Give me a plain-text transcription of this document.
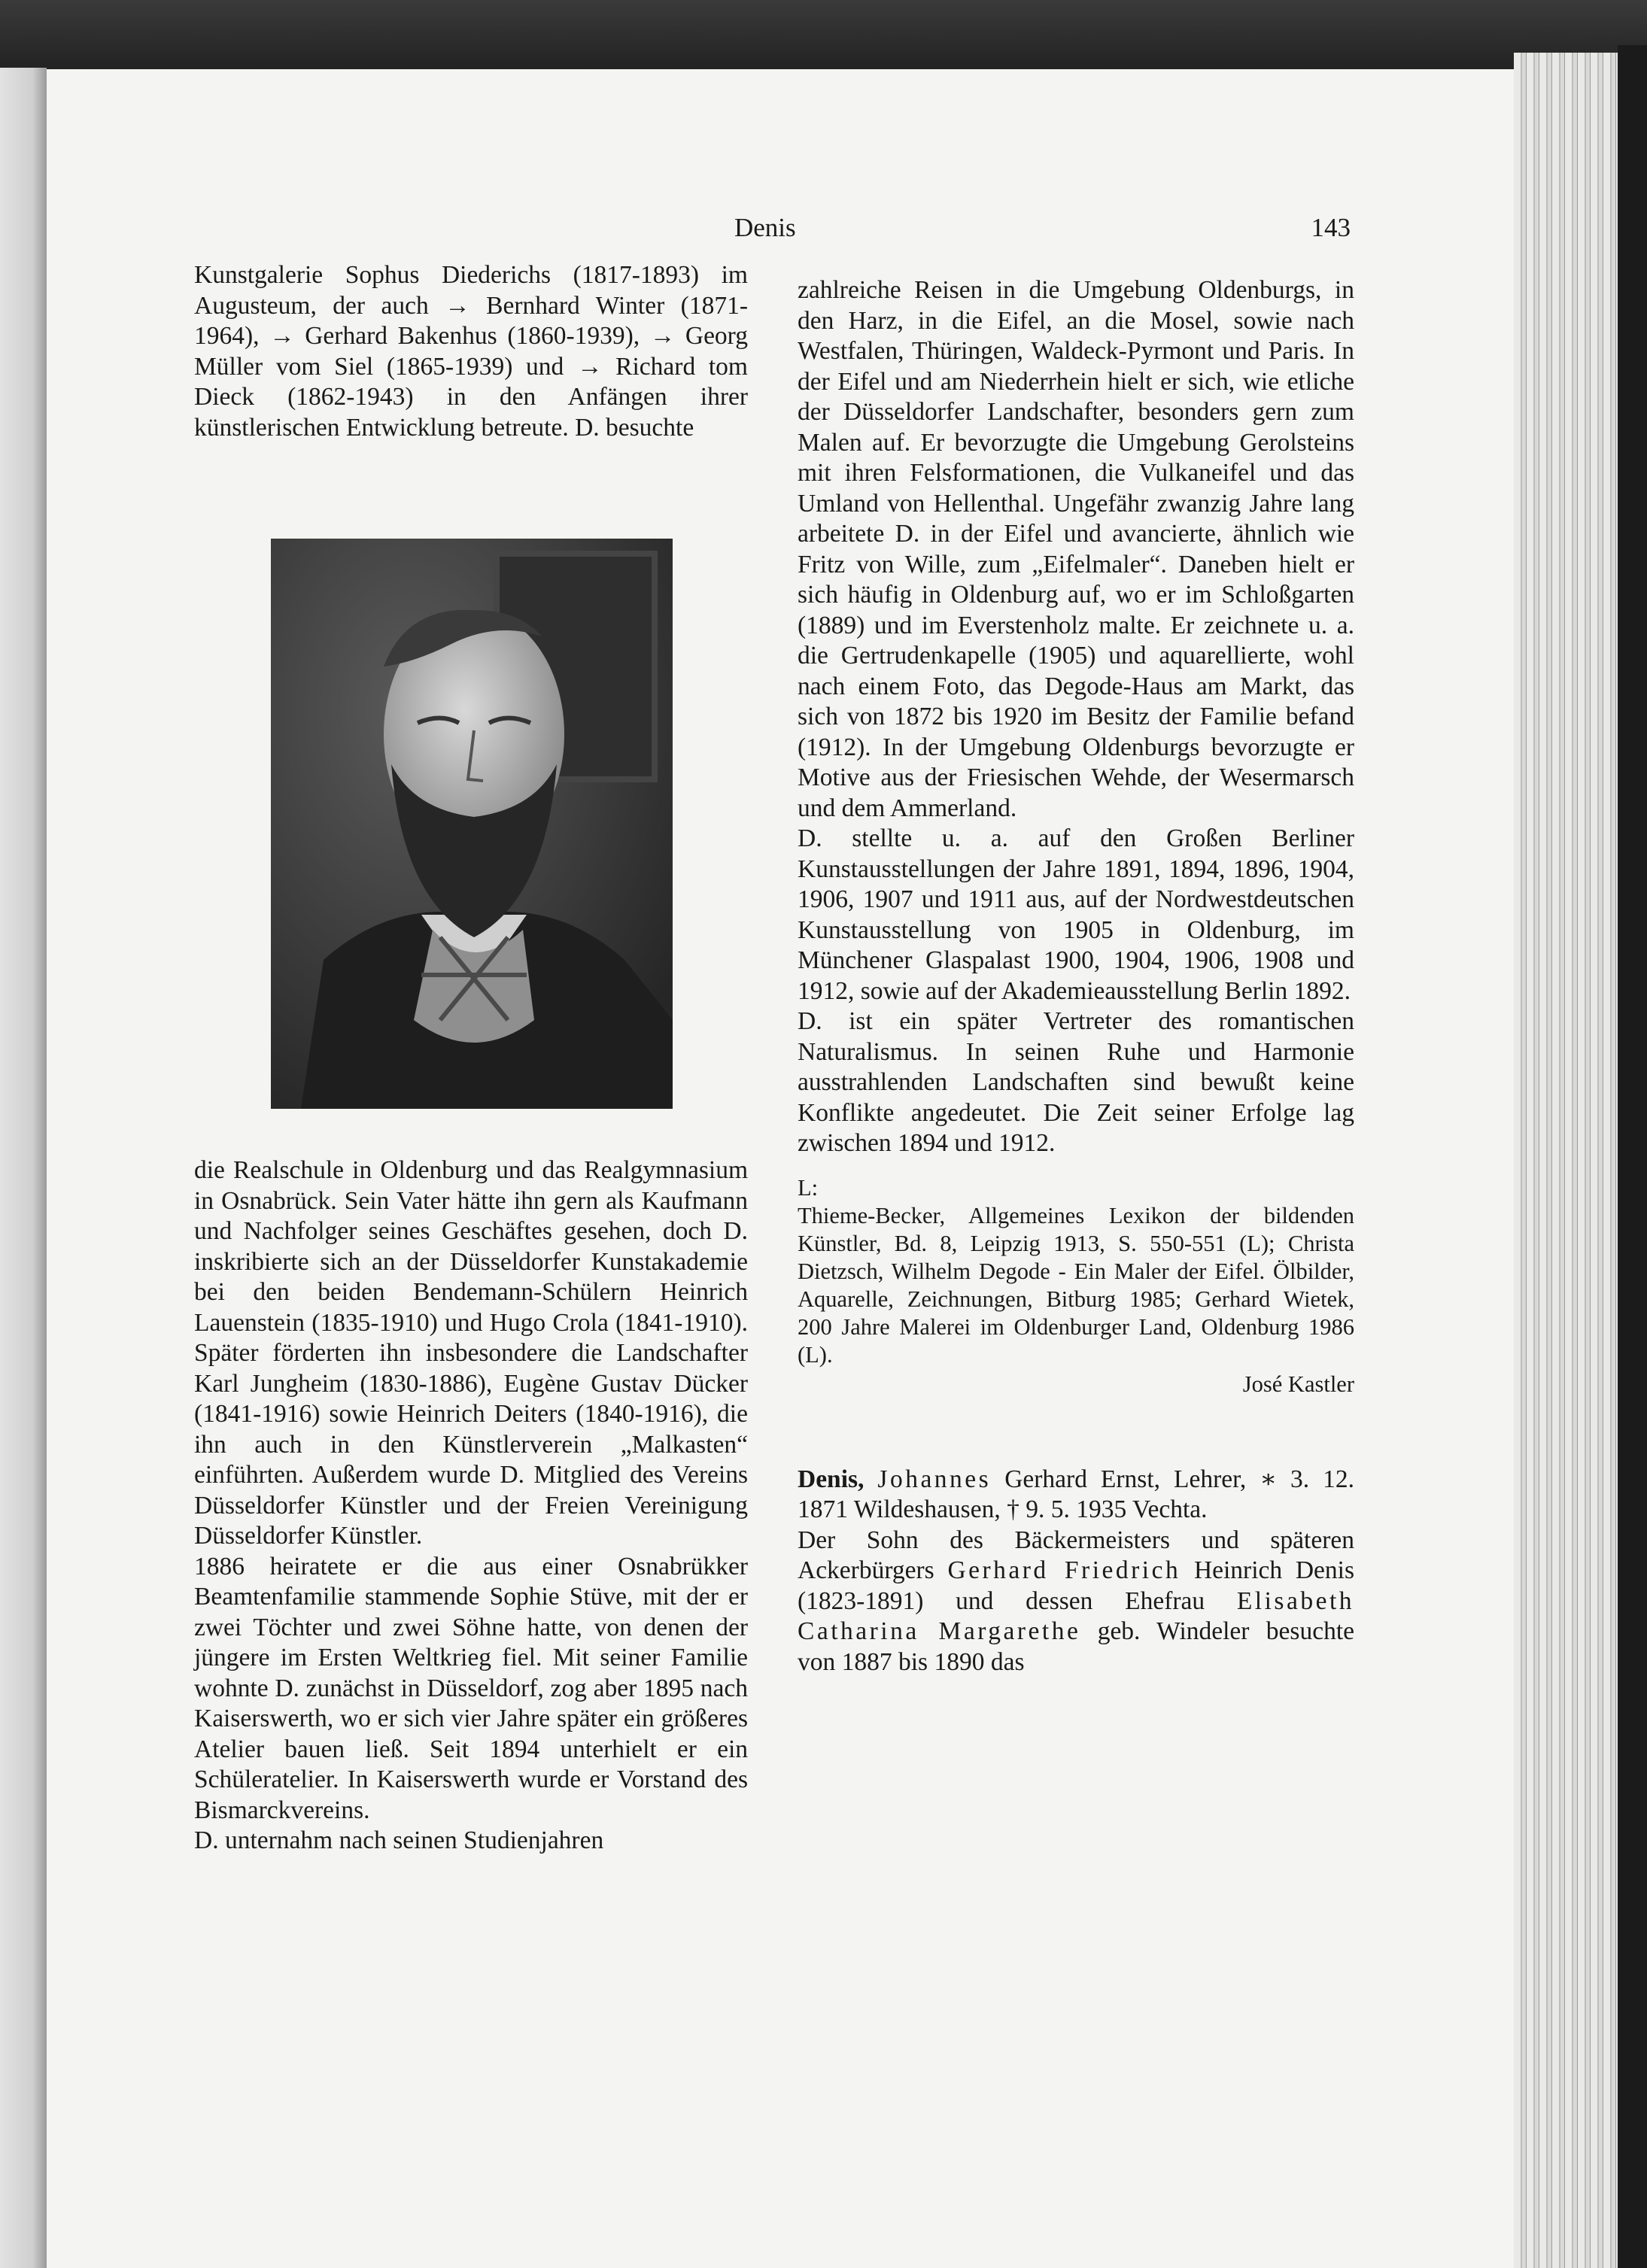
Denis	143

Kunstgalerie Sophus Diederichs (1817-1893) im Augusteum, der auch → Bernhard Winter (1871-1964), → Gerhard Bakenhus (1860-1939), → Georg Müller vom Siel (1865-1939) und → Richard tom Dieck (1862-1943) in den Anfängen ihrer künstlerischen Entwicklung betreute. D. besuchte

die Realschule in Oldenburg und das Realgymnasium in Osnabrück. Sein Vater hätte ihn gern als Kaufmann und Nachfolger seines Geschäftes gesehen, doch D. inskribierte sich an der Düsseldorfer Kunstakademie bei den beiden Bendemann-Schülern Heinrich Lauenstein (1835-1910) und Hugo Crola (1841-1910). Später förderten ihn insbesondere die Landschafter Karl Jungheim (1830-1886), Eugène Gustav Dücker (1841-1916) sowie Heinrich Deiters (1840-1916), die ihn auch in den Künstlerverein „Malkasten“ einführten. Außerdem wurde D. Mitglied des Vereins Düsseldorfer Künstler und der Freien Vereinigung Düsseldorfer Künstler.

1886 heiratete er die aus einer Osnabrükker Beamtenfamilie stammende Sophie Stüve, mit der er zwei Töchter und zwei Söhne hatte, von denen der jüngere im Ersten Weltkrieg fiel. Mit seiner Familie wohnte D. zunächst in Düsseldorf, zog aber 1895 nach Kaiserswerth, wo er sich vier Jahre später ein größeres Atelier bauen ließ. Seit 1894 unterhielt er ein Schüleratelier. In Kaiserswerth wurde er Vorstand des Bismarckvereins.

D. unternahm nach seinen Studienjahren

zahlreiche Reisen in die Umgebung Oldenburgs, in den Harz, in die Eifel, an die Mosel, sowie nach Westfalen, Thüringen, Waldeck-Pyrmont und Paris. In der Eifel und am Niederrhein hielt er sich, wie etliche der Düsseldorfer Landschafter, besonders gern zum Malen auf. Er bevorzugte die Umgebung Gerolsteins mit ihren Felsformationen, die Vulkaneifel und das Umland von Hellenthal. Ungefähr zwanzig Jahre lang arbeitete D. in der Eifel und avancierte, ähnlich wie Fritz von Wille, zum „Eifelmaler“. Daneben hielt er sich häufig in Oldenburg auf, wo er im Schloßgarten (1889) und im Everstenholz malte. Er zeichnete u. a. die Gertrudenkapelle (1905) und aquarellierte, wohl nach einem Foto, das Degode-Haus am Markt, das sich von 1872 bis 1920 im Besitz der Familie befand (1912). In der Umgebung Oldenburgs bevorzugte er Motive aus der Friesischen Wehde, der Wesermarsch und dem Ammerland.

D. stellte u. a. auf den Großen Berliner Kunstausstellungen der Jahre 1891, 1894, 1896, 1904, 1906, 1907 und 1911 aus, auf der Nordwestdeutschen Kunstausstellung von 1905 in Oldenburg, im Münchener Glaspalast 1900, 1904, 1906, 1908 und 1912, sowie auf der Akademieausstellung Berlin 1892.

D. ist ein später Vertreter des romantischen Naturalismus. In seinen Ruhe und Harmonie ausstrahlenden Landschaften sind bewußt keine Konflikte angedeutet. Die Zeit seiner Erfolge lag zwischen 1894 und 1912.

L:

Thieme-Becker, Allgemeines Lexikon der bildenden Künstler, Bd. 8, Leipzig 1913, S. 550-551 (L); Christa Dietzsch, Wilhelm Degode - Ein Maler der Eifel. Ölbilder, Aquarelle, Zeichnungen, Bitburg 1985; Gerhard Wietek, 200 Jahre Malerei im Oldenburger Land, Oldenburg 1986 (L).

José Kastler

Denis, Johannes Gerhard Ernst, Lehrer, ∗ 3. 12. 1871 Wildeshausen, † 9. 5. 1935 Vechta.

Der Sohn des Bäckermeisters und späteren Ackerbürgers Gerhard Friedrich Heinrich Denis (1823-1891) und dessen Ehefrau Elisabeth Catharina Margarethe geb. Windeler besuchte von 1887 bis 1890 das
